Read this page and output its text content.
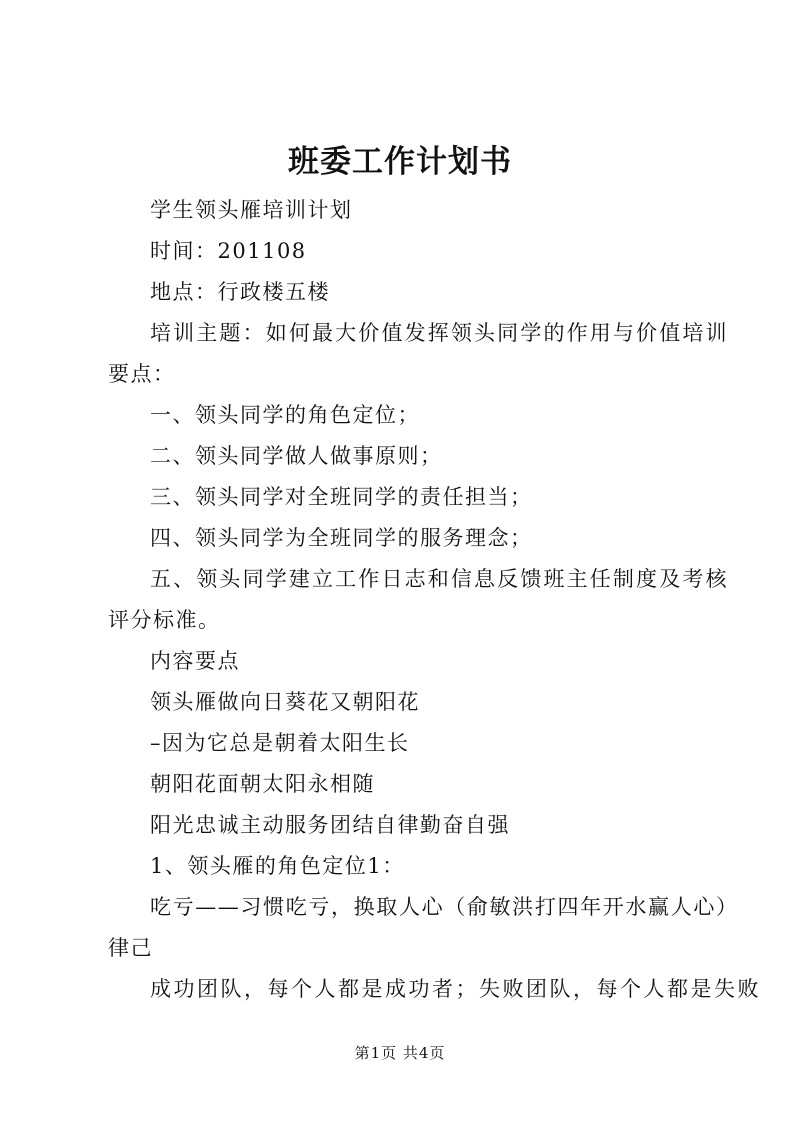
班委工作计划书

学生领头雁培训计划

时间：201108

地点：行政楼五楼

培训主题：如何最大价值发挥领头同学的作用与价值培训要点：

一、领头同学的角色定位；

二、领头同学做人做事原则；

三、领头同学对全班同学的责任担当；

四、领头同学为全班同学的服务理念；

五、领头同学建立工作日志和信息反馈班主任制度及考核评分标准。

内容要点

领头雁做向日葵花又朝阳花

–因为它总是朝着太阳生长

朝阳花面朝太阳永相随

阳光忠诚主动服务团结自律勤奋自强

1、领头雁的角色定位1：

吃亏——习惯吃亏，换取人心（俞敏洪打四年开水赢人心）律己

成功团队，每个人都是成功者；失败团队，每个人都是失败

第1页 共4页
